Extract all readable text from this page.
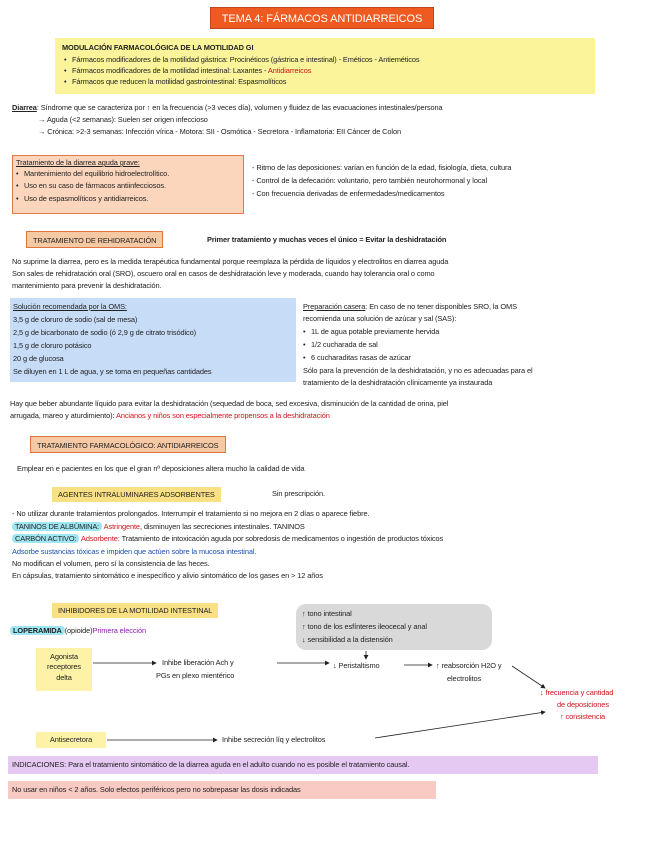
TEMA 4: FÁRMACOS ANTIDIARREICOS
MODULACIÓN FARMACOLÓGICA DE LA MOTILIDAD GI
• Fármacos modificadores de la motilidad gástrica: Procinéticos (gástrica e intestinal) - Eméticos - Antieméticos
• Fármacos modificadores de la motilidad intestinal: Laxantes - Antidiarreicos
• Fármacos que reducen la motilidad gastrointestinal: Espasmolíticos
Diarrea: Síndrome que se caracteriza por ↑ en la frecuencia (>3 veces día), volumen y fluidez de las evacuaciones intestinales/persona
→ Aguda (<2 semanas): Suelen ser origen infeccioso
→ Crónica: >2-3 semanas: Infección vírica - Motora: SII - Osmótica - Secretora - Inflamatoria: EII Cáncer de Colon
Tratamiento de la diarrea aguda grave:
• Mantenimiento del equilibrio hidroelectrolítico.
• Uso en su caso de fármacos antiinfecciosos.
• Uso de espasmolíticos y antidiarreicos.
- Ritmo de las deposiciones: varían en función de la edad, fisiología, dieta, cultura
- Control de la defecación: voluntario, pero también neurohormonal y local
- Con frecuencia derivadas de enfermedades/medicamentos
TRATAMIENTO DE REHIDRATACIÓN	Primer tratamiento y muchas veces el único = Evitar la deshidratación
No suprime la diarrea, pero es la medida terapéutica fundamental porque reemplaza la pérdida de líquidos y electrolitos en diarrea aguda
Son sales de rehidratación oral (SRO), oscuero oral en casos de deshidratación leve y moderada, cuando hay tolerancia oral o como
mantenimiento para prevenir la deshidratación.
Solución recomendada por la OMS:
3,5 g de cloruro de sodio (sal de mesa)
2,5 g de bicarbonato de sodio (ó 2,9 g de citrato trisódico)
1,5 g de cloruro potásico
20 g de glucosa
Se diluyen en 1 L de agua, y se toma en pequeñas cantidades
Preparación casera: En caso de no tener disponibles SRO, la OMS
recomienda una solución de azúcar y sal (SAS):
• 1L de agua potable previamente hervida
• 1/2 cucharada de sal
• 6 cucharaditas rasas de azúcar
Sólo para la prevención de la deshidratación, y no es adecuadas para el
tratamiento de la deshidratación clínicamente ya instaurada
Hay que beber abundante líquido para evitar la deshidratación (sequedad de boca, sed excesiva, disminución de la cantidad de orina, piel
arrugada, mareo y aturdimiento): Ancianos y niños son especialmente propensos a la deshidratación
TRATAMIENTO FARMACOLÓGICO: ANTIDIARREICOS
Emplear en e pacientes en los que el gran nº deposiciones altera mucho la calidad de vida
AGENTES INTRALUMINARES ADSORBENTES	Sin prescripción.
- No utilizar durante tratamientos prolongados. Interrumpir el tratamiento si no mejora en 2 días o aparece fiebre.
TANINOS DE ALBÚMINA: Astringente, disminuyen las secreciones intestinales. TANINOS
CARBÓN ACTIVO: Adsorbente: Tratamiento de intoxicación aguda por sobredosis de medicamentos o ingestión de productos tóxicos
Adsorbe sustancias tóxicas e impiden que actúen sobre la mucosa intestinal.
No modifican el volumen, pero sí la consistencia de las heces.
En cápsulas, tratamiento sintomático e inespecífico y alivio sintomático de los gases en > 12 años
INHIBIDORES DE LA MOTILIDAD INTESTINAL
LOPERAMIDA (opioide)Primera elección
↑ tono intestinal
↑ tono de los esfínteres ileocecal y anal
↓ sensibilidad a la distensión
Agonista
receptores
delta
Inhibe liberación Ach y
PGs en plexo mientérico
↓ Peristaltismo	↑ reabsorción H2O y
electrolitos
↓ frecuencia y cantidad
de deposiciones
↑ consistencia
Antisecretora	Inhibe secreción líq y electrolitos
INDICACIONES: Para el tratamiento sintomático de la diarrea aguda en el adulto cuando no es posible el tratamiento causal.
No usar en niños < 2 años. Solo efectos periféricos pero no sobrepasar las dosis indicadas
